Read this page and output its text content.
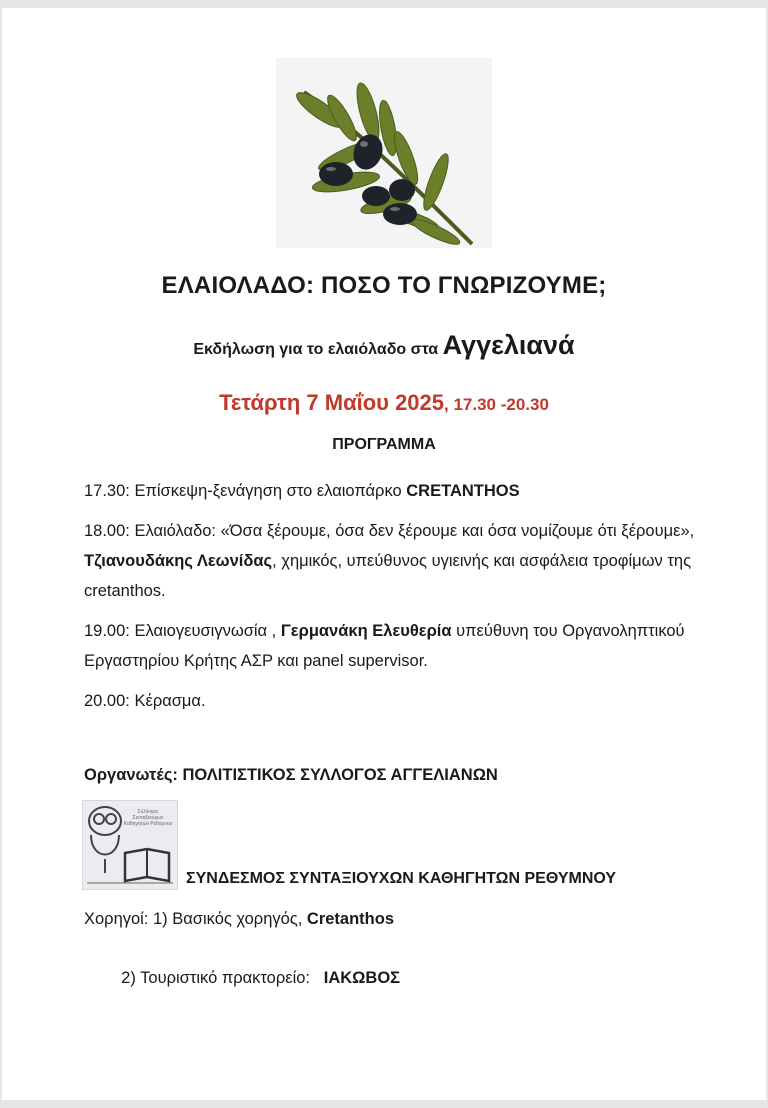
ΕΛΑΙΟΛΑΔΟ: ΠΟΣΟ ΤΟ ΓΝΩΡΙΖΟΥΜΕ;
Εκδήλωση για το ελαιόλαδο στα Αγγελιανά
Τετάρτη 7 Μαΐου 2025, 17.30 -20.30
ΠΡΟΓΡΑΜΜΑ
17.30: Επίσκεψη-ξενάγηση στο ελαιοπάρκο CRETANTHOS
18.00: Ελαιόλαδο: «Όσα ξέρουμε, όσα δεν ξέρουμε και όσα νομίζουμε ότι ξέρουμε», Τζιανουδάκης Λεωνίδας, χημικός, υπεύθυνος υγιεινής και ασφάλεια τροφίμων της cretanthos.
19.00: Ελαιογευσιγνωσία , Γερμανάκη Ελευθερία υπεύθυνη του Οργανοληπτικού Εργαστηρίου Κρήτης ΑΣΡ και panel supervisor.
20.00: Κέρασμα.
Οργανωτές: ΠΟΛΙΤΙΣΤΙΚΟΣ ΣΥΛΛΟΓΟΣ ΑΓΓΕΛΙΑΝΩΝ
Σύλλογος Συνταξιούχων Καθηγητών Ρεθύμνου
ΣΥΝΔΕΣΜΟΣ ΣΥΝΤΑΞΙΟΥΧΩΝ ΚΑΘΗΓΗΤΩΝ ΡΕΘΥΜΝΟΥ
Χορηγοί: 1) Βασικός χορηγός, Cretanthos

2) Τουριστικό πρακτορείο:   ΙΑΚΩΒΟΣ
